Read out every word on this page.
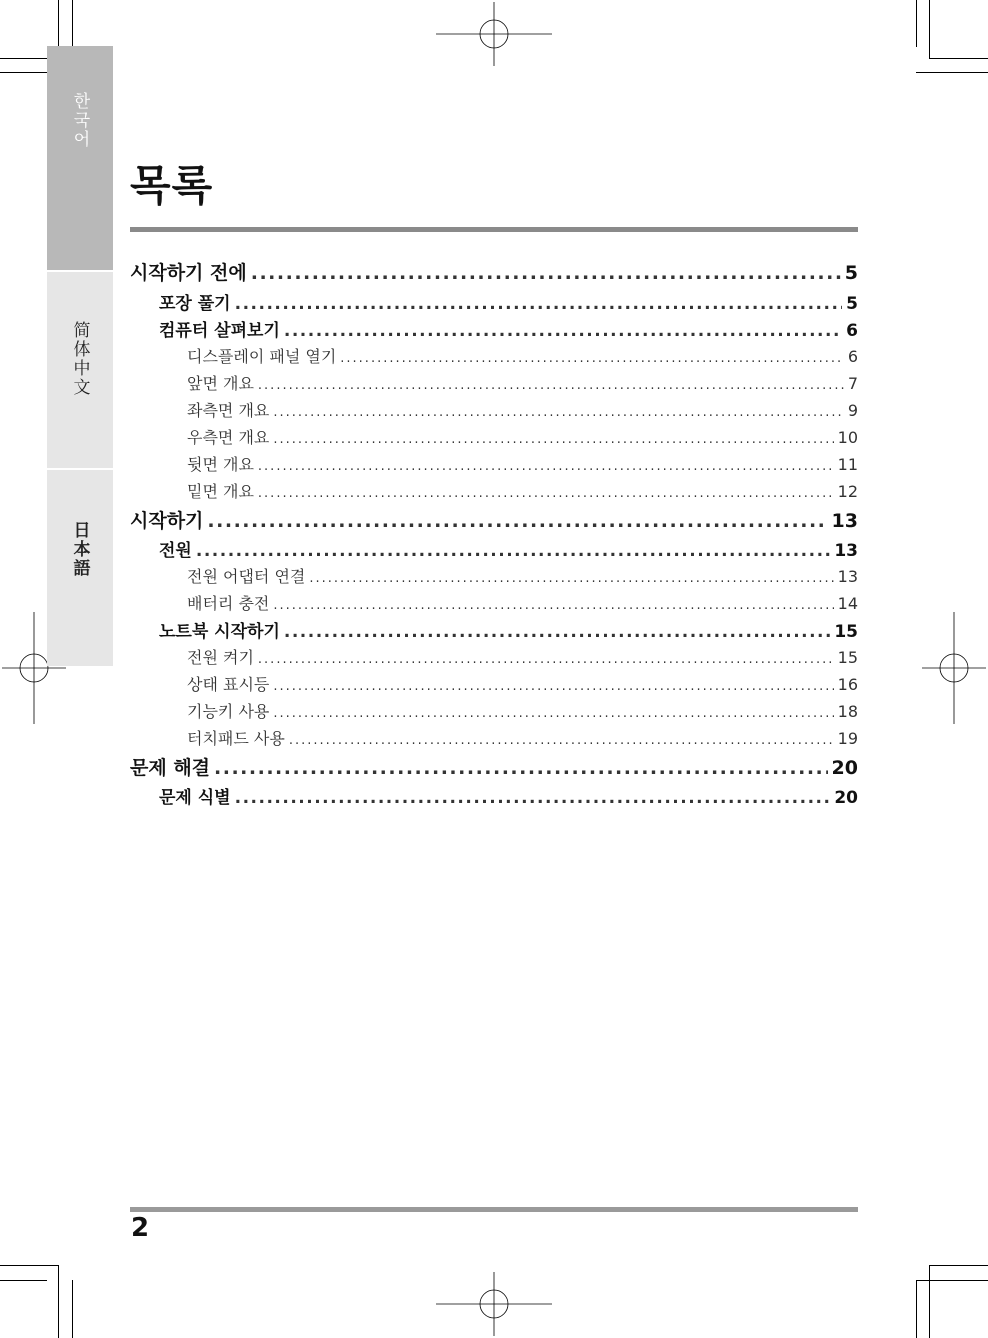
한국어
简体中文
日本語
목록
시작하기 전에 .....	5
포장 풀기 .....	5
컴퓨터 살펴보기 .....	6
디스플레이 패널 열기 .....	6
앞면 개요 .....	7
좌측면 개요 .....	9
우측면 개요 .....	10
뒷면 개요 .....	11
밑면 개요 .....	12
시작하기 .....	13
전원 .....	13
전원 어댑터 연결 .....	13
배터리 충전 .....	14
노트북 시작하기 .....	15
전원 켜기 .....	15
상태 표시등 .....	16
기능키 사용 .....	18
터치패드 사용 .....	19
문제 해결 .....	20
문제 식별 .....	20
2
